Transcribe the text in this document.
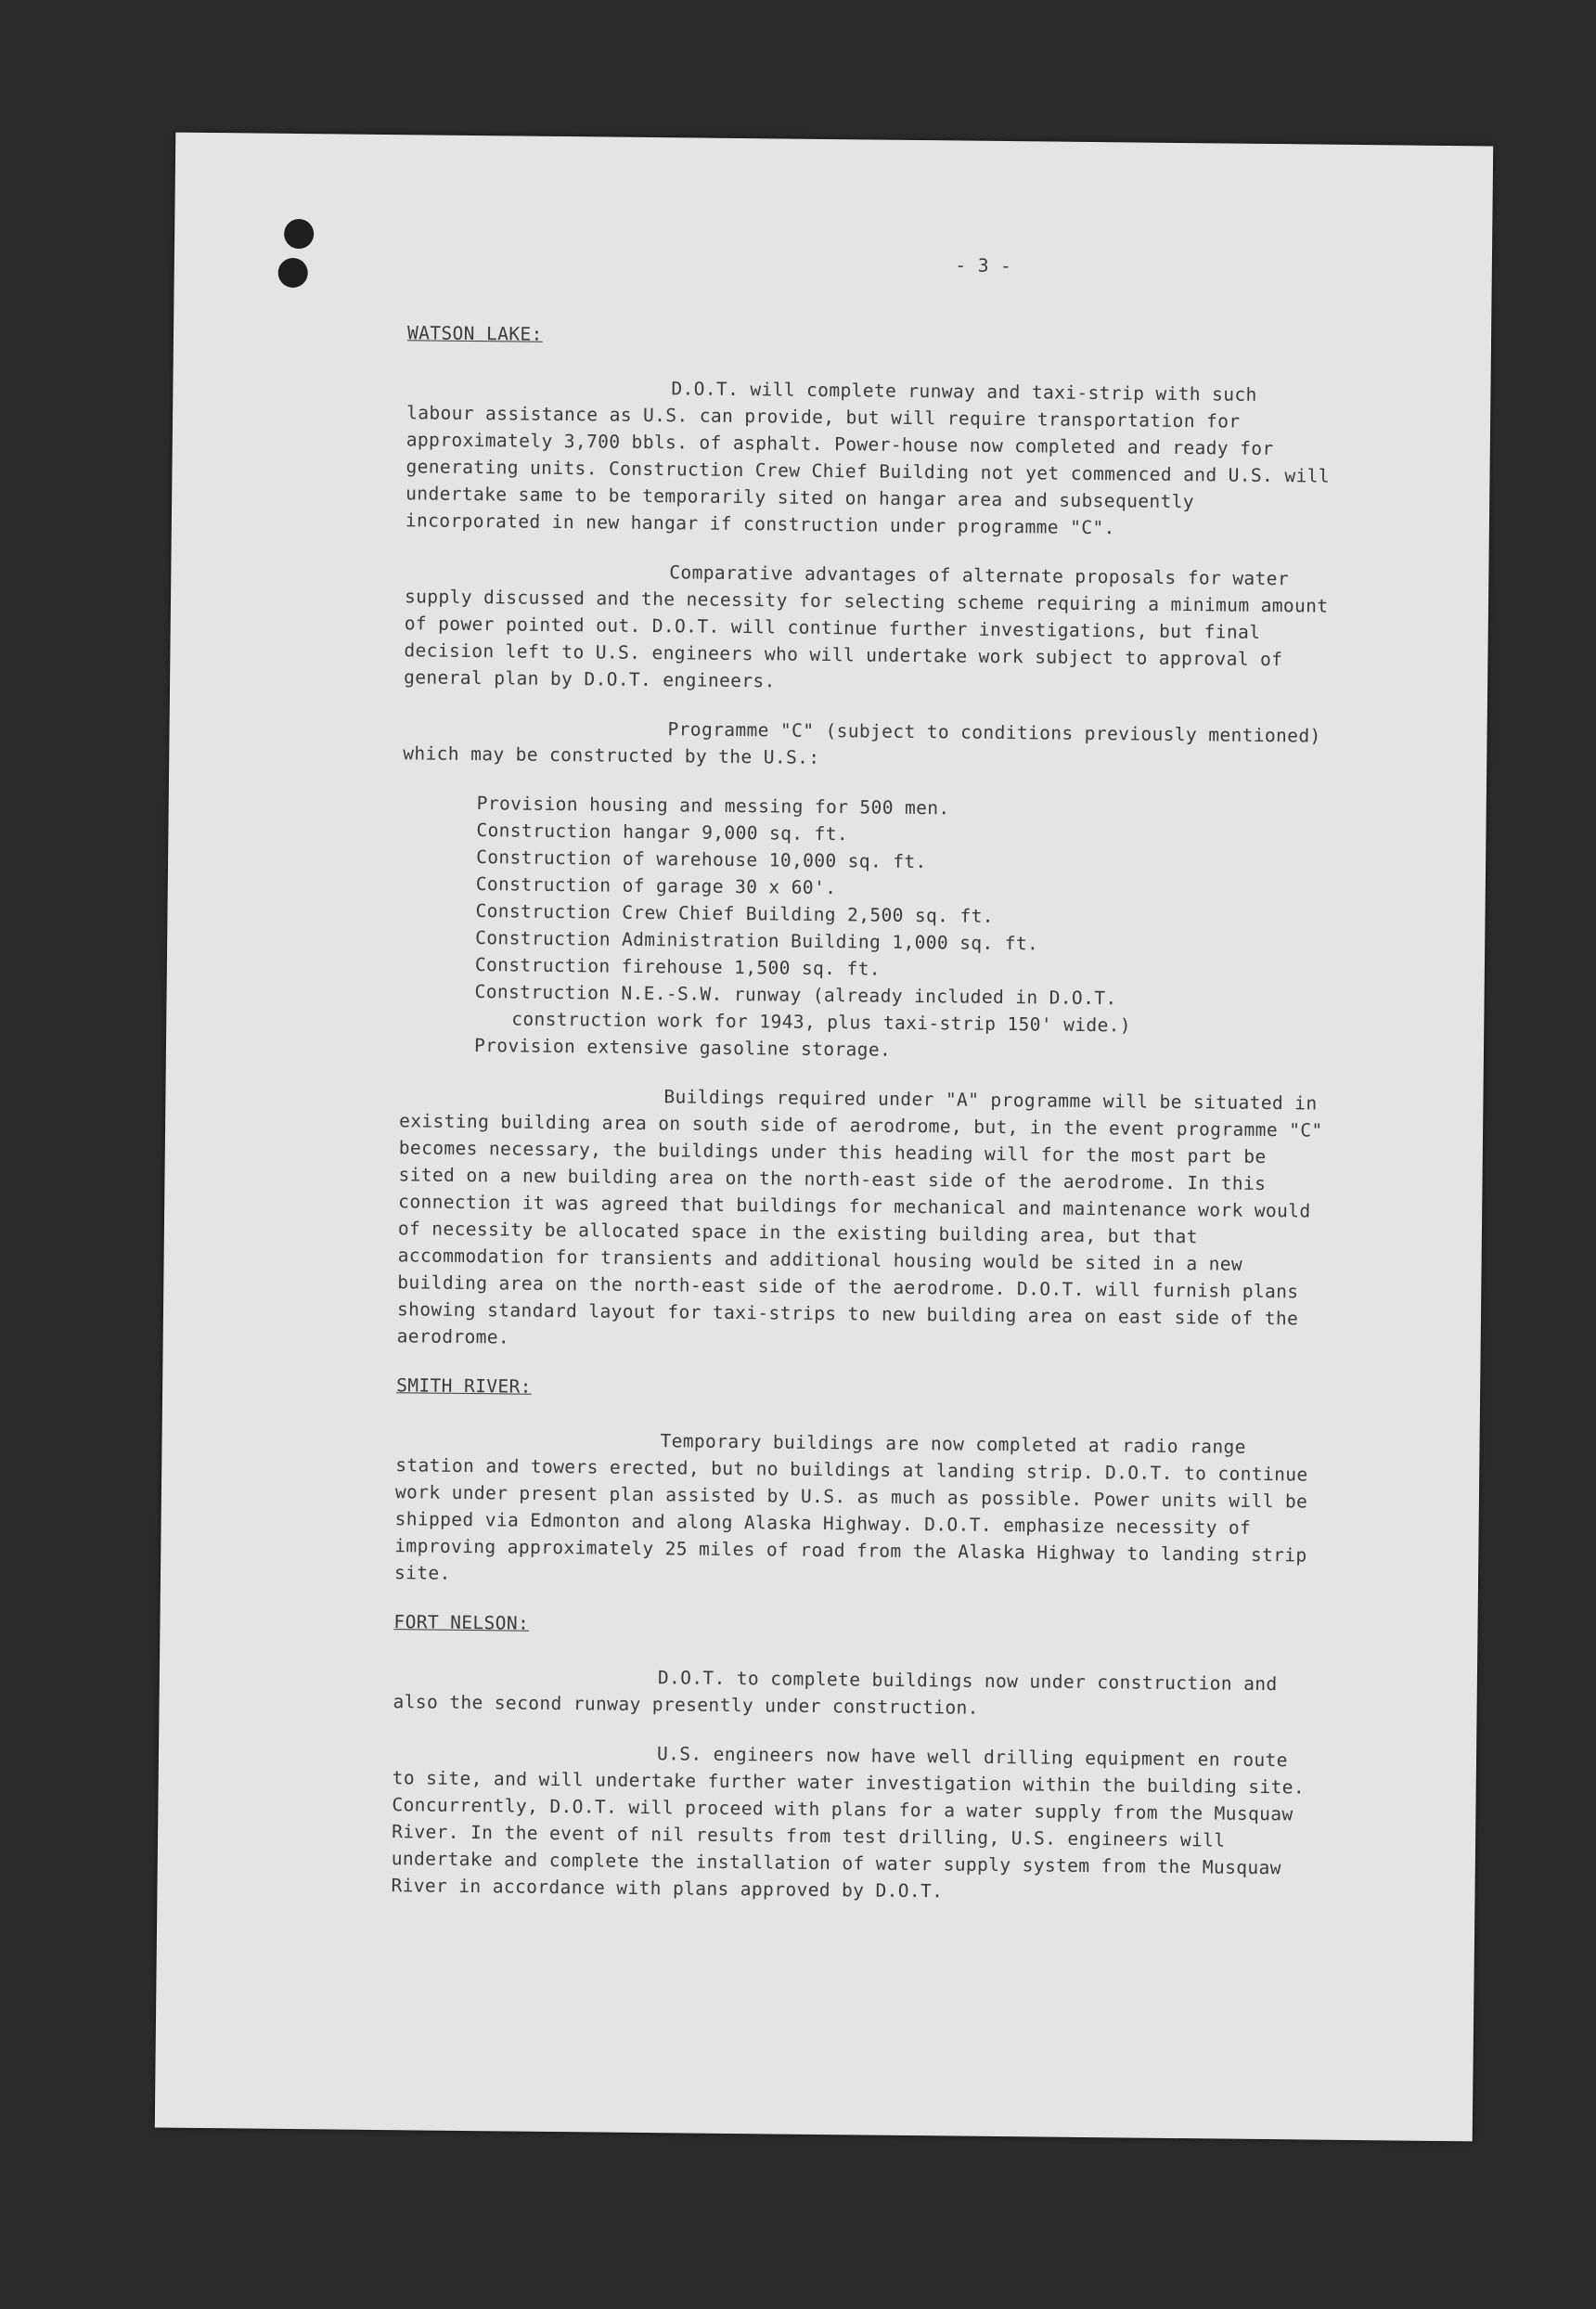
- 3 -
WATSON LAKE:

D.O.T. will complete runway and taxi-strip with such labour assistance as U.S. can provide, but will require transportation for approximately 3,700 bbls. of asphalt. Power-house now completed and ready for generating units. Construction Crew Chief Building not yet commenced and U.S. will undertake same to be temporarily sited on hangar area and subsequently incorporated in new hangar if construction under programme "C".

Comparative advantages of alternate proposals for water supply discussed and the necessity for selecting scheme requiring a minimum amount of power pointed out. D.O.T. will continue further investigations, but final decision left to U.S. engineers who will undertake work subject to approval of general plan by D.O.T. engineers.

Programme "C" (subject to conditions previously mentioned) which may be constructed by the U.S.:

Provision housing and messing for 500 men.
Construction hangar 9,000 sq. ft.
Construction of warehouse 10,000 sq. ft.
Construction of garage 30 x 60'.
Construction Crew Chief Building 2,500 sq. ft.
Construction Administration Building 1,000 sq. ft.
Construction firehouse 1,500 sq. ft.
Construction N.E.-S.W. runway (already included in D.O.T.
construction work for 1943, plus taxi-strip 150' wide.)
Provision extensive gasoline storage.

Buildings required under "A" programme will be situated in existing building area on south side of aerodrome, but, in the event programme "C" becomes necessary, the buildings under this heading will for the most part be sited on a new building area on the north-east side of the aerodrome. In this connection it was agreed that buildings for mechanical and maintenance work would of necessity be allocated space in the existing building area, but that accommodation for transients and additional housing would be sited in a new building area on the north-east side of the aerodrome. D.O.T. will furnish plans showing standard layout for taxi-strips to new building area on east side of the aerodrome.

SMITH RIVER:

Temporary buildings are now completed at radio range station and towers erected, but no buildings at landing strip. D.O.T. to continue work under present plan assisted by U.S. as much as possible. Power units will be shipped via Edmonton and along Alaska Highway. D.O.T. emphasize necessity of improving approximately 25 miles of road from the Alaska Highway to landing strip site.

FORT NELSON:

D.O.T. to complete buildings now under construction and also the second runway presently under construction.

U.S. engineers now have well drilling equipment en route to site, and will undertake further water investigation within the building site. Concurrently, D.O.T. will proceed with plans for a water supply from the Musquaw River. In the event of nil results from test drilling, U.S. engineers will undertake and complete the installation of water supply system from the Musquaw River in accordance with plans approved by D.O.T.
